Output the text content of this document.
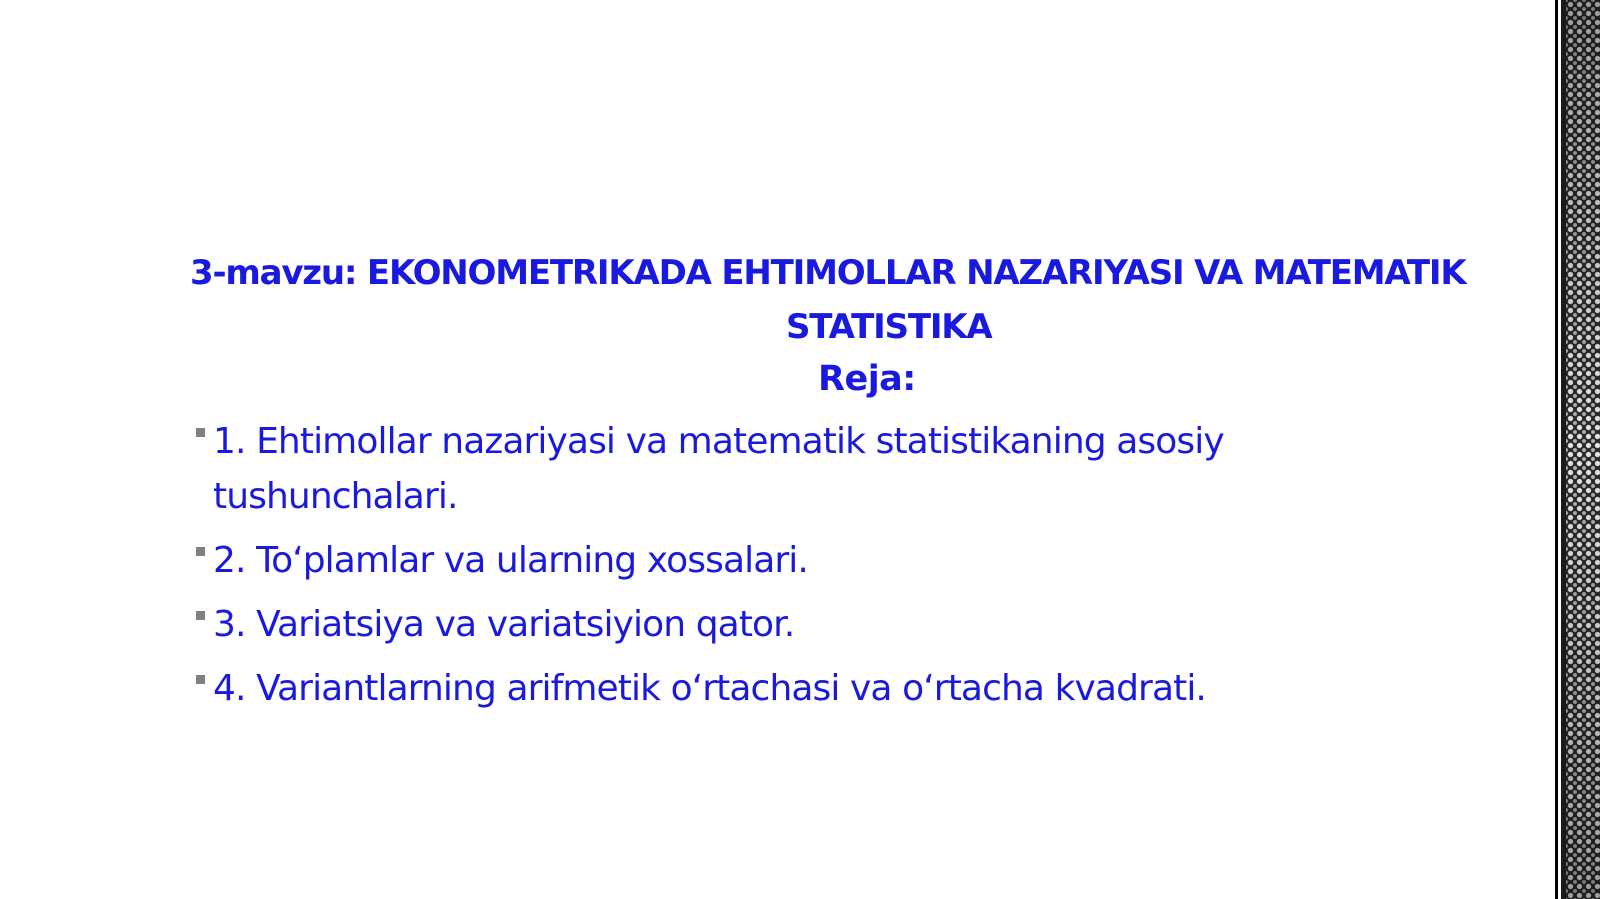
3-mavzu: EKONOMETRIKADA EHTIMOLLAR NAZARIYASI VA MATEMATIK
STATISTIKA
Reja:
1. Ehtimollar nazariyasi va matematik statistikaning asosiy tushunchalari.
2. To‘plamlar va ularning xossalari.
3. Variatsiya va variatsiyion qator.
4. Variantlarning arifmetik o‘rtachasi va o‘rtacha kvadrati.
